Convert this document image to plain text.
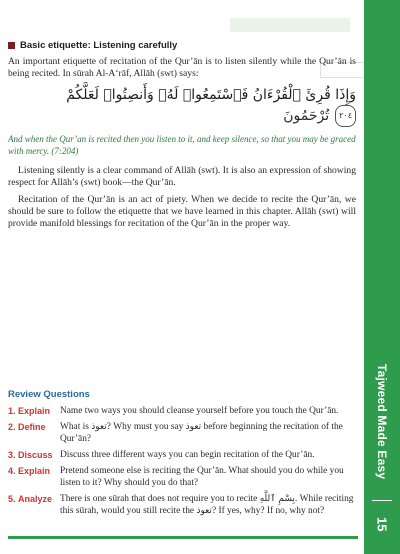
Tajweed Made Easy
15
Basic etiquette: Listening carefully

An important etiquette of recitation of the Qur’ān is to listen silently while the Qur’ān is being recited. In sūrah Al-A‘rāf, Allāh (swt) says:

وَإِذَا قُرِئَ ٱلْقُرْءَانُ فَٱسْتَمِعُوا۟ لَهُۥ وَأَنصِتُوا۟ لَعَلَّكُمْ
٢٠٤
تُرْحَمُونَ

And when the Qur’an is recited then you listen to it, and keep silence, so that you may be graced with mercy. (7:204)

Listening silently is a clear command of Allāh (swt). It is also an expression of showing respect for Allāh’s (swt) book—the Qur’ān.

Recitation of the Qur’ān is an act of piety. When we decide to recite the Qur’ān, we should be sure to follow the etiquette that we have learned in this chapter. Allāh (swt) will provide manifold blessings for recitation of the Qur’ān in the proper way.

Review Questions
1. Explain	Name two ways you should cleanse yourself before you touch the Qur’ān.
2. Define	What is تعوذ? Why must you say تعوذ before beginning the recitation of the Qur’ān?
3. Discuss Discuss three different ways you can begin recitation of the Qur’ān.
4. Explain	Pretend someone else is reciting the Qur’ān. What should you do while you listen to it? Why should you do that?
5. Analyze There is one sūrah that does not require you to recite بِسْمِ ٱللَّهِ. While reciting this sūrah, would you still recite the تعوذ? If yes, why? If no, why not?
